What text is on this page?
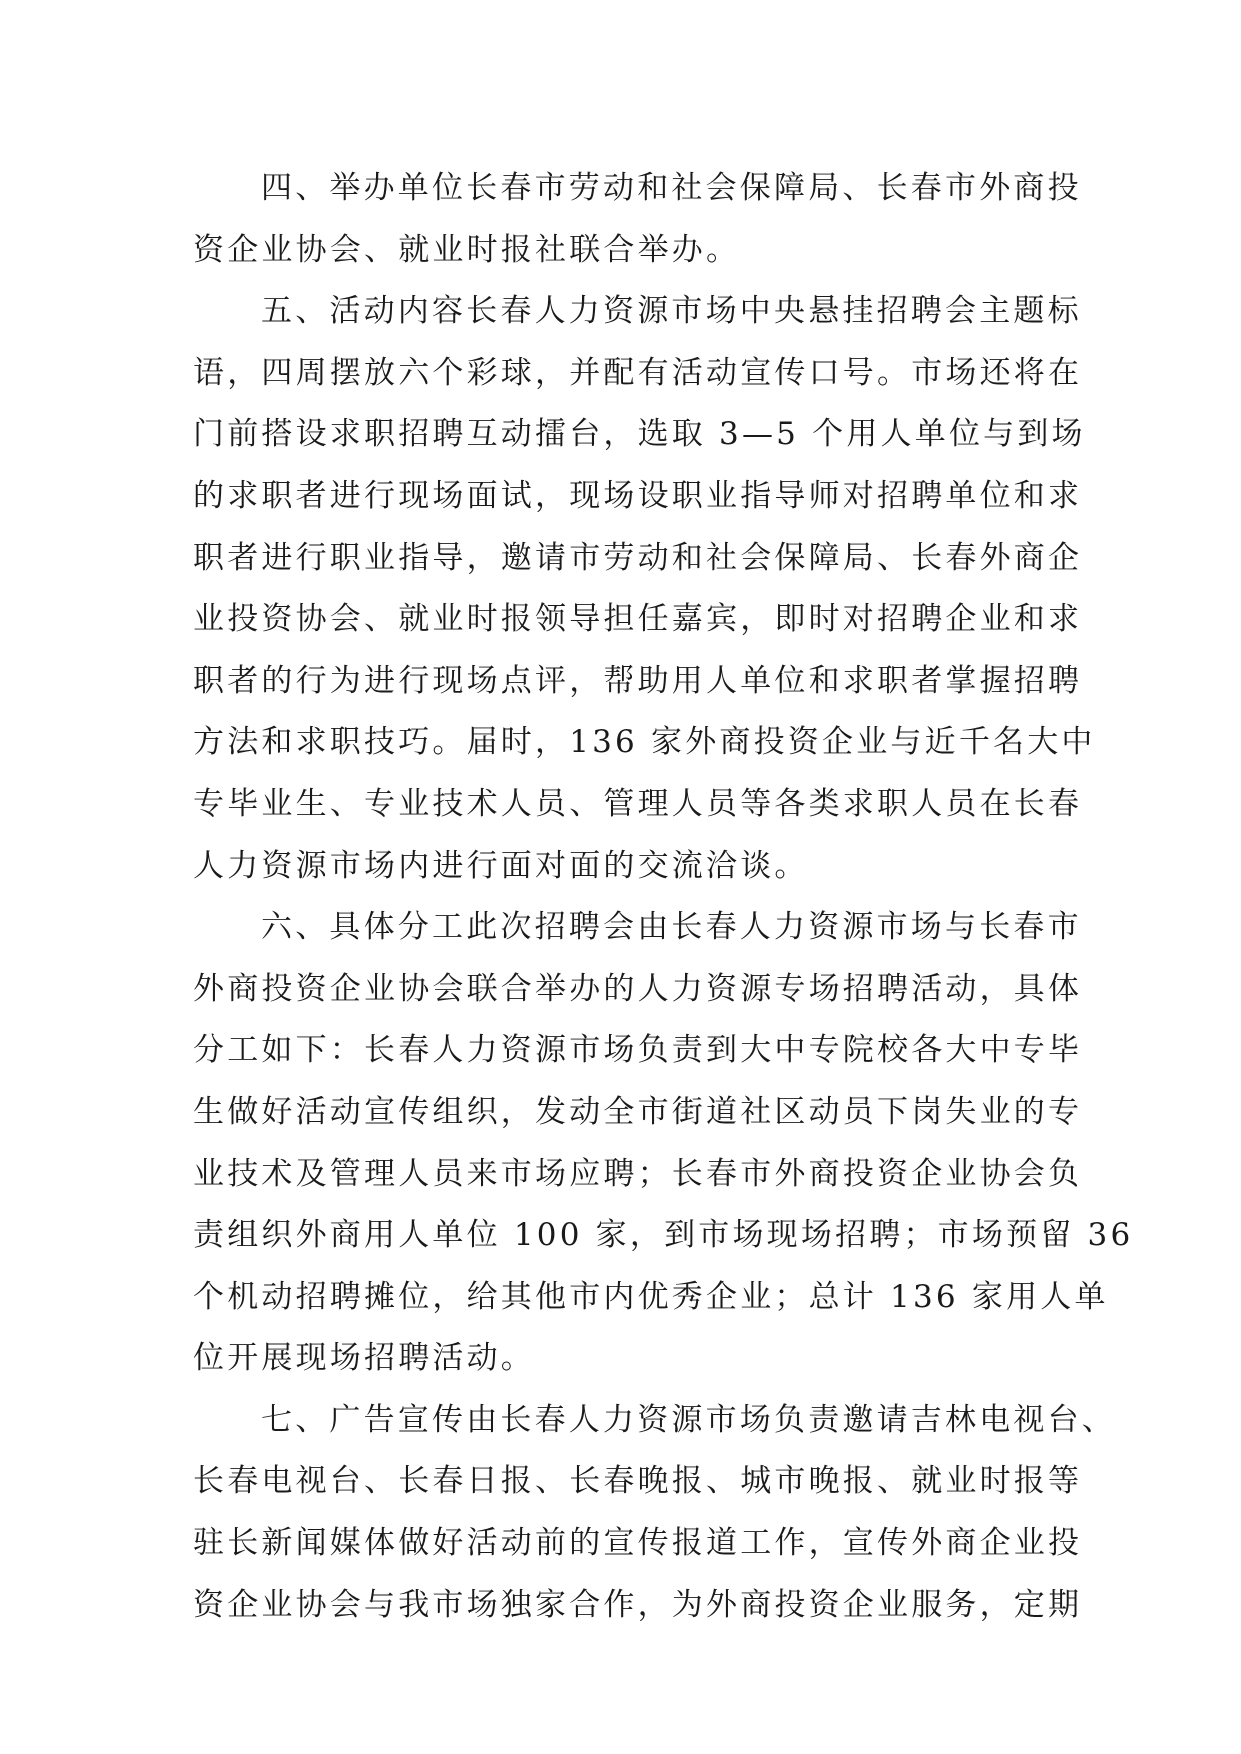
四、举办单位长春市劳动和社会保障局、长春市外商投
资企业协会、就业时报社联合举办。
五、活动内容长春人力资源市场中央悬挂招聘会主题标
语，四周摆放六个彩球，并配有活动宣传口号。市场还将在
门前搭设求职招聘互动擂台，选取 3—5 个用人单位与到场
的求职者进行现场面试，现场设职业指导师对招聘单位和求
职者进行职业指导，邀请市劳动和社会保障局、长春外商企
业投资协会、就业时报领导担任嘉宾，即时对招聘企业和求
职者的行为进行现场点评，帮助用人单位和求职者掌握招聘
方法和求职技巧。届时，136 家外商投资企业与近千名大中
专毕业生、专业技术人员、管理人员等各类求职人员在长春
人力资源市场内进行面对面的交流洽谈。
六、具体分工此次招聘会由长春人力资源市场与长春市
外商投资企业协会联合举办的人力资源专场招聘活动，具体
分工如下：长春人力资源市场负责到大中专院校各大中专毕
生做好活动宣传组织，发动全市街道社区动员下岗失业的专
业技术及管理人员来市场应聘；长春市外商投资企业协会负
责组织外商用人单位 100 家，到市场现场招聘；市场预留 36
个机动招聘摊位，给其他市内优秀企业；总计 136 家用人单
位开展现场招聘活动。
七、广告宣传由长春人力资源市场负责邀请吉林电视台、
长春电视台、长春日报、长春晚报、城市晚报、就业时报等
驻长新闻媒体做好活动前的宣传报道工作，宣传外商企业投
资企业协会与我市场独家合作，为外商投资企业服务，定期
